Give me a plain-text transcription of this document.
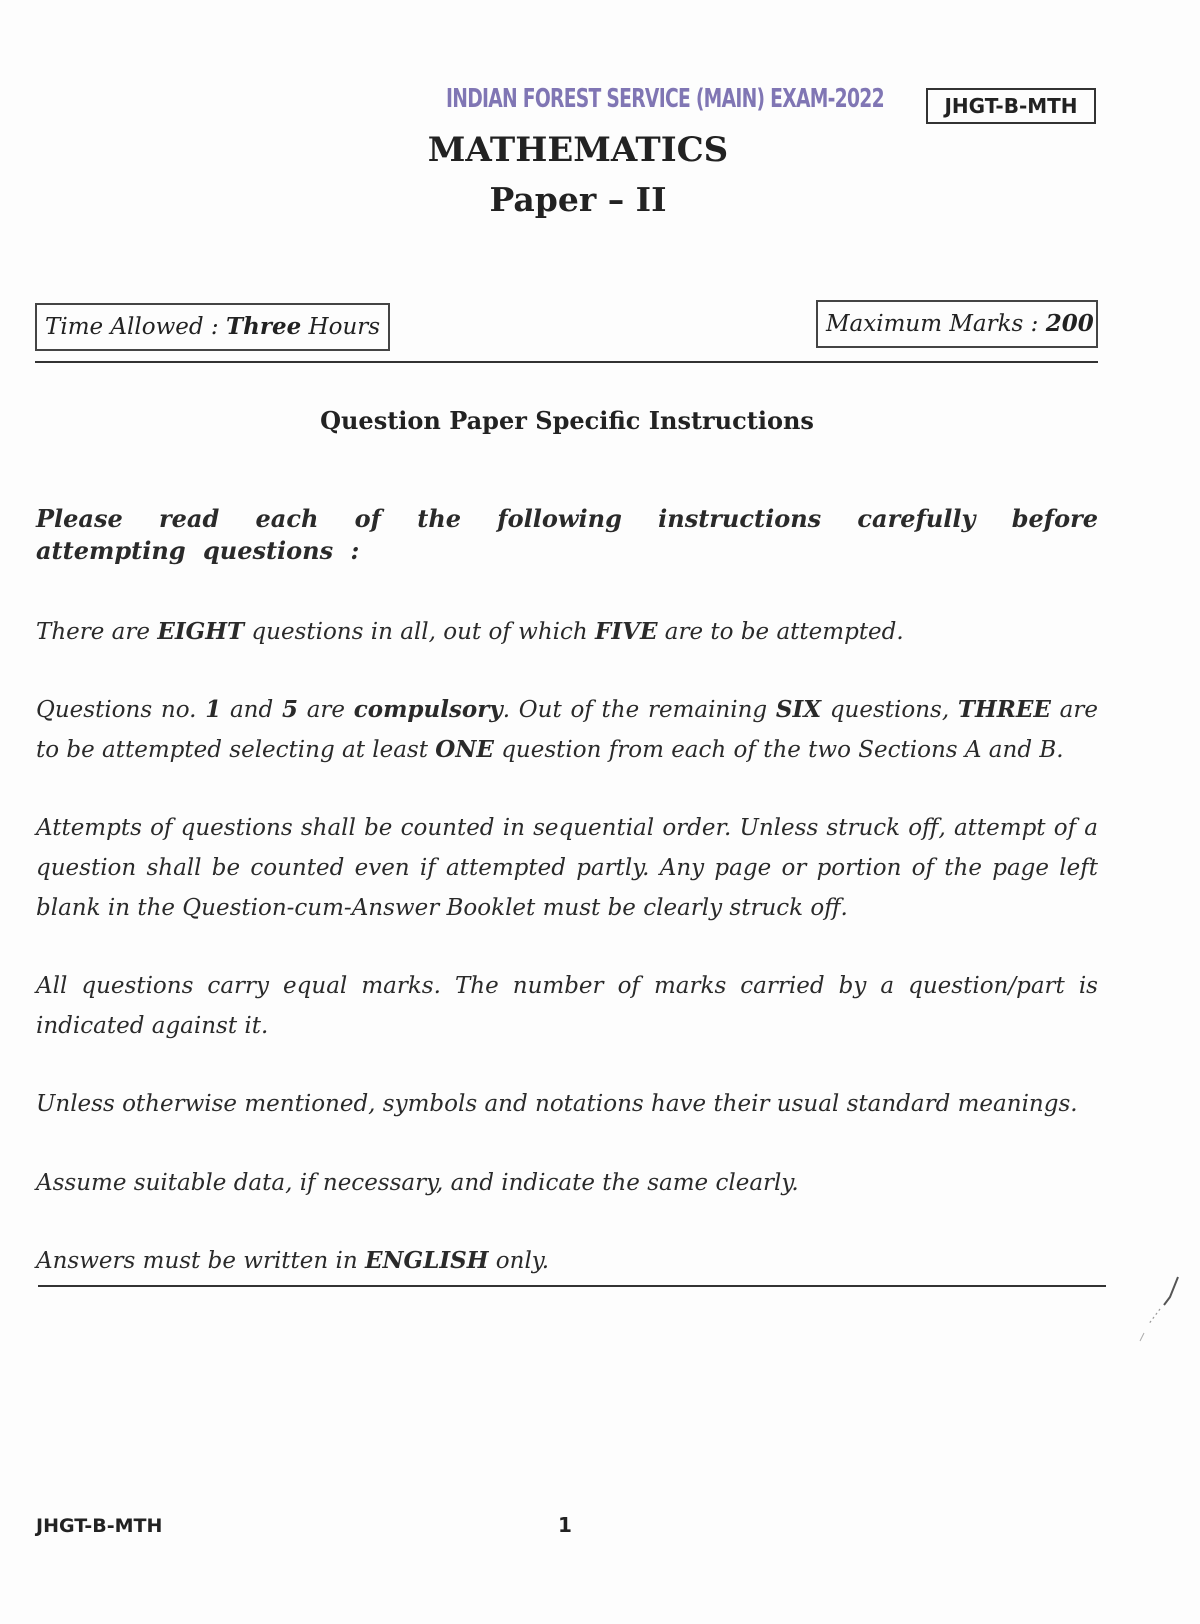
INDIAN FOREST SERVICE (MAIN) EXAM-2022	JHGT-B-MTH
MATHEMATICS
Paper – II
Time Allowed : Three Hours	Maximum Marks : 200
Question Paper Specific Instructions
Please read each of the following instructions carefully before attempting questions :
There are EIGHT questions in all, out of which FIVE are to be attempted.
Questions no. 1 and 5 are compulsory. Out of the remaining SIX questions, THREE are to be attempted selecting at least ONE question from each of the two Sections A and B.
Attempts of questions shall be counted in sequential order. Unless struck off, attempt of a question shall be counted even if attempted partly. Any page or portion of the page left blank in the Question-cum-Answer Booklet must be clearly struck off.
All questions carry equal marks. The number of marks carried by a question/part is indicated against it.
Unless otherwise mentioned, symbols and notations have their usual standard meanings.
Assume suitable data, if necessary, and indicate the same clearly.
Answers must be written in ENGLISH only.
JHGT-B-MTH	1
